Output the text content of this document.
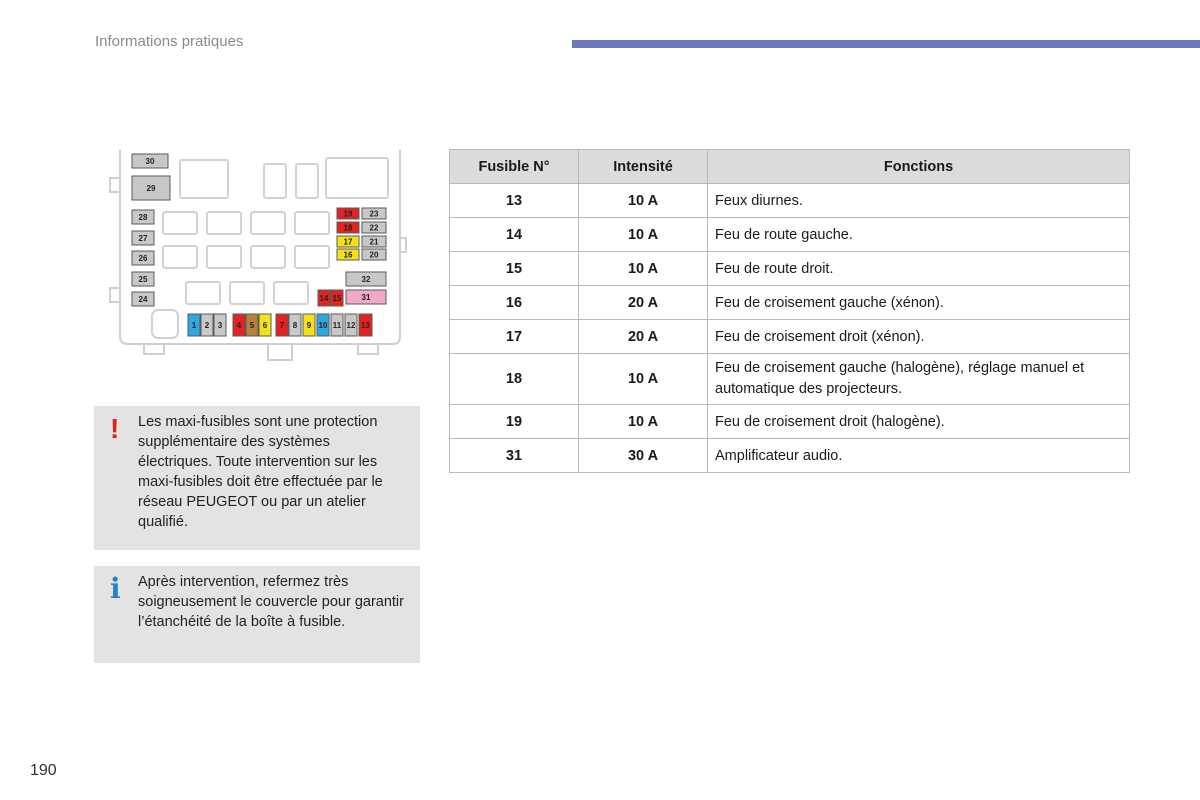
Informations pratiques
30
29
28
27
26
25
24
19
18
17
16
23
22
21
20
32
14 15	31
1 2 3 4 5 6 7 8 9 10 11 12 13
! Les maxi-fusibles sont une protection supplémentaire des systèmes électriques. Toute intervention sur les maxi-fusibles doit être effectuée par le réseau PEUGEOT ou par un atelier qualifié.
i Après intervention, refermez très soigneusement le couvercle pour garantir l’étanchéité de la boîte à fusible.
Fusible N°	Intensité	Fonctions
13	10 A	Feux diurnes.
14	10 A	Feu de route gauche.
15	10 A	Feu de route droit.
16	20 A	Feu de croisement gauche (xénon).
17	20 A	Feu de croisement droit (xénon).
18	10 A	Feu de croisement gauche (halogène), réglage manuel et automatique des projecteurs.
19	10 A	Feu de croisement droit (halogène).
31	30 A	Amplificateur audio.
190
